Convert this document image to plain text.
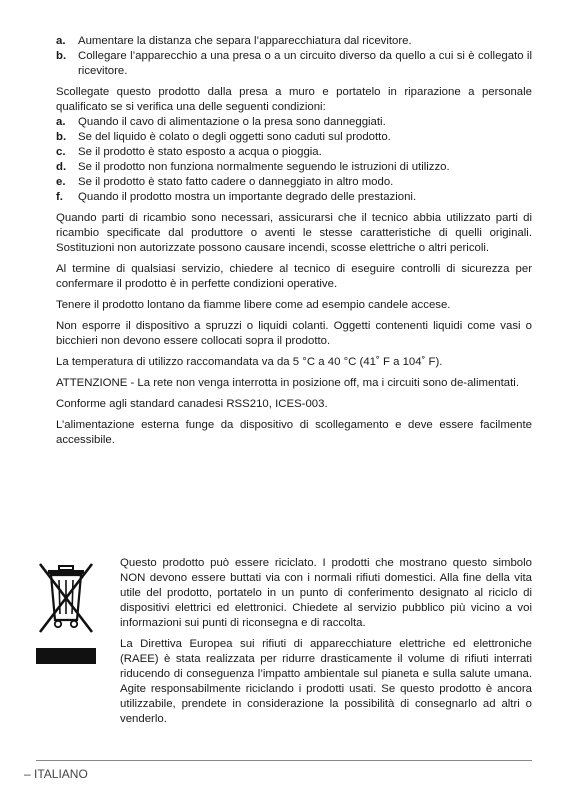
a.	Aumentare la distanza che separa l’apparecchiatura dal ricevitore.
b.	Collegare l’apparecchio a una presa o a un circuito diverso da quello a cui si è collegato il ricevitore.

Scollegate questo prodotto dalla presa a muro e portatelo in riparazione a personale qualificato se si verifica una delle seguenti condizioni:

a.	Quando il cavo di alimentazione o la presa sono danneggiati.
b.	Se del liquido è colato o degli oggetti sono caduti sul prodotto.
c.	Se il prodotto è stato esposto a acqua o pioggia.
d.	Se il prodotto non funziona normalmente seguendo le istruzioni di utilizzo.
e.	Se il prodotto è stato fatto cadere o danneggiato in altro modo.
f.	Quando il prodotto mostra un importante degrado delle prestazioni.

Quando parti di ricambio sono necessari, assicurarsi che il tecnico abbia utilizzato parti di ricambio specificate dal produttore o aventi le stesse caratteristiche di quelli originali. Sostituzioni non autorizzate possono causare incendi, scosse elettriche o altri pericoli.

Al termine di qualsiasi servizio, chiedere al tecnico di eseguire controlli di sicurezza per confermare il prodotto è in perfette condizioni operative.

Tenere il prodotto lontano da fiamme libere come ad esempio candele accese.

Non esporre il dispositivo a spruzzi o liquidi colanti. Oggetti contenenti liquidi come vasi o bicchieri non devono essere collocati sopra il prodotto.

La temperatura di utilizzo raccomandata va da 5 °C a 40 °C (41˚ F a 104˚ F).

ATTENZIONE - La rete non venga interrotta in posizione off, ma i circuiti sono de-alimentati.

Conforme agli standard canadesi RSS210, ICES-003.

L’alimentazione esterna funge da dispositivo di scollegamento e deve essere facilmente accessibile.

Questo prodotto può essere riciclato. I prodotti che mostrano questo simbolo NON devono essere buttati via con i normali rifiuti domestici. Alla fine della vita utile del prodotto, portatelo in un punto di conferimento designato al riciclo di dispositivi elettrici ed elettronici. Chiedete al servizio pubblico più vicino a voi informazioni sui punti di riconsegna e di raccolta.

La Direttiva Europea sui rifiuti di apparecchiature elettriche ed elettroniche (RAEE) è stata realizzata per ridurre drasticamente il volume di rifiuti interrati riducendo di conseguenza l’impatto ambientale sul pianeta e sulla salute umana. Agite responsabilmente riciclando i prodotti usati. Se questo prodotto è ancora utilizzabile, prendete in considerazione la possibilità di consegnarlo ad altri o venderlo.

– ITALIANO
